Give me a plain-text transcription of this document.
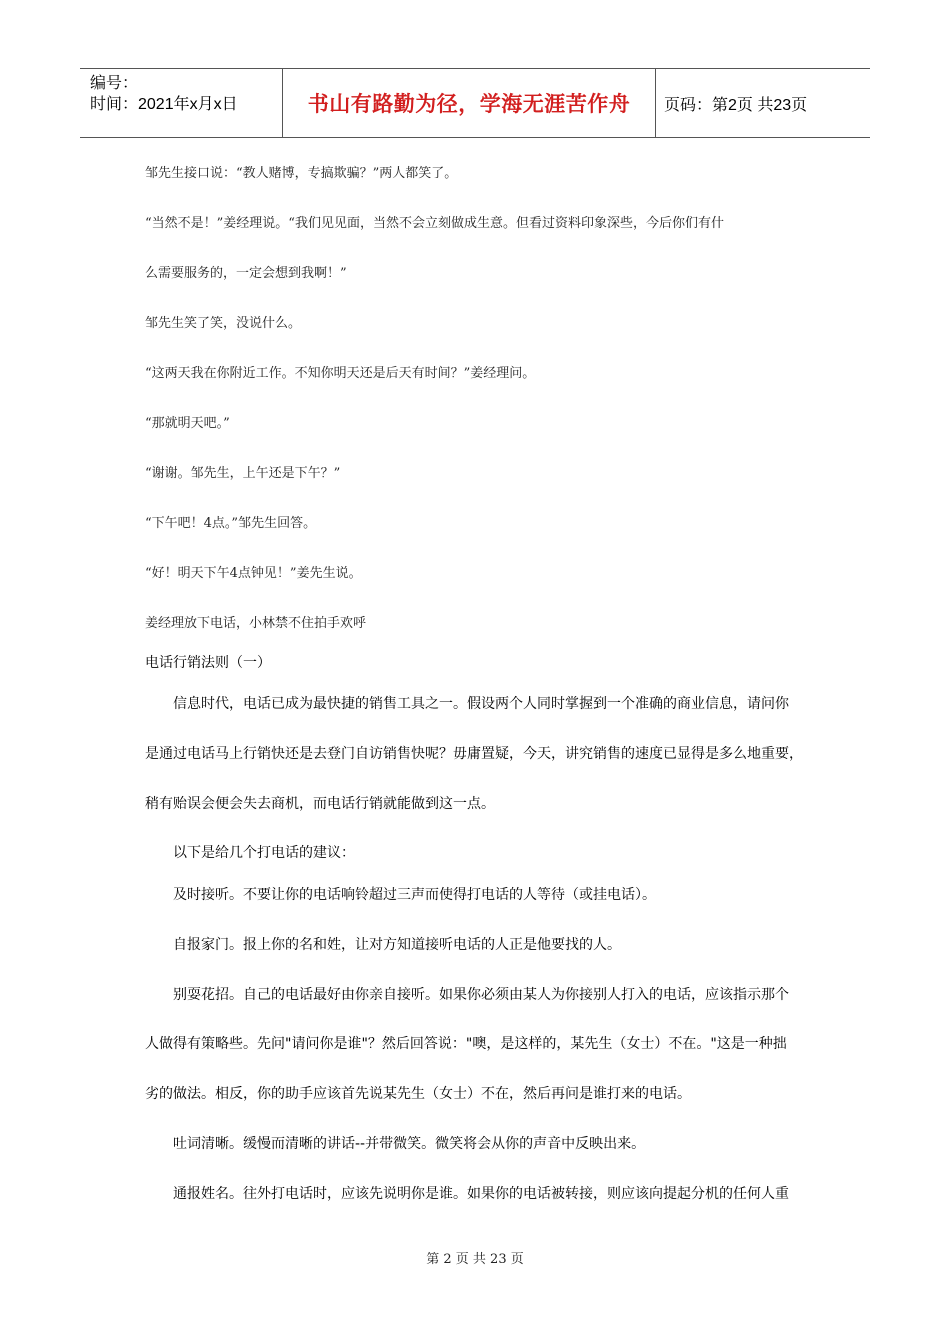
编号：
时间：2021年x月x日	书山有路勤为径，学海无涯苦作舟 页码：第2页 共23页
邹先生接口说：“教人赌博，专搞欺骗？”两人都笑了。
“当然不是！”姜经理说。“我们见见面，当然不会立刻做成生意。但看过资料印象深些，今后你们有什
么需要服务的，一定会想到我啊！”
邹先生笑了笑，没说什么。
“这两天我在你附近工作。不知你明天还是后天有时间？”姜经理问。
“那就明天吧。”
“谢谢。邹先生，上午还是下午？”
“下午吧！4点。”邹先生回答。
“好！明天下午4点钟见！”姜先生说。
姜经理放下电话，小林禁不住拍手欢呼
电话行销法则（一）
信息时代，电话已成为最快捷的销售工具之一。假设两个人同时掌握到一个准确的商业信息，请问你
是通过电话马上行销快还是去登门自访销售快呢？毋庸置疑，今天，讲究销售的速度已显得是多么地重要，
稍有贻误会便会失去商机，而电话行销就能做到这一点。
以下是给几个打电话的建议：
及时接听。不要让你的电话响铃超过三声而使得打电话的人等待（或挂电话）。
自报家门。报上你的名和姓，让对方知道接听电话的人正是他要找的人。
别耍花招。自己的电话最好由你亲自接听。如果你必须由某人为你接别人打入的电话，应该指示那个
人做得有策略些。先问"请问你是谁"？然后回答说："噢，是这样的，某先生（女士）不在。"这是一种拙
劣的做法。相反，你的助手应该首先说某先生（女士）不在，然后再问是谁打来的电话。
吐词清晰。缓慢而清晰的讲话--并带微笑。微笑将会从你的声音中反映出来。
通报姓名。往外打电话时，应该先说明你是谁。如果你的电话被转接，则应该向提起分机的任何人重
第 2 页 共 23 页
